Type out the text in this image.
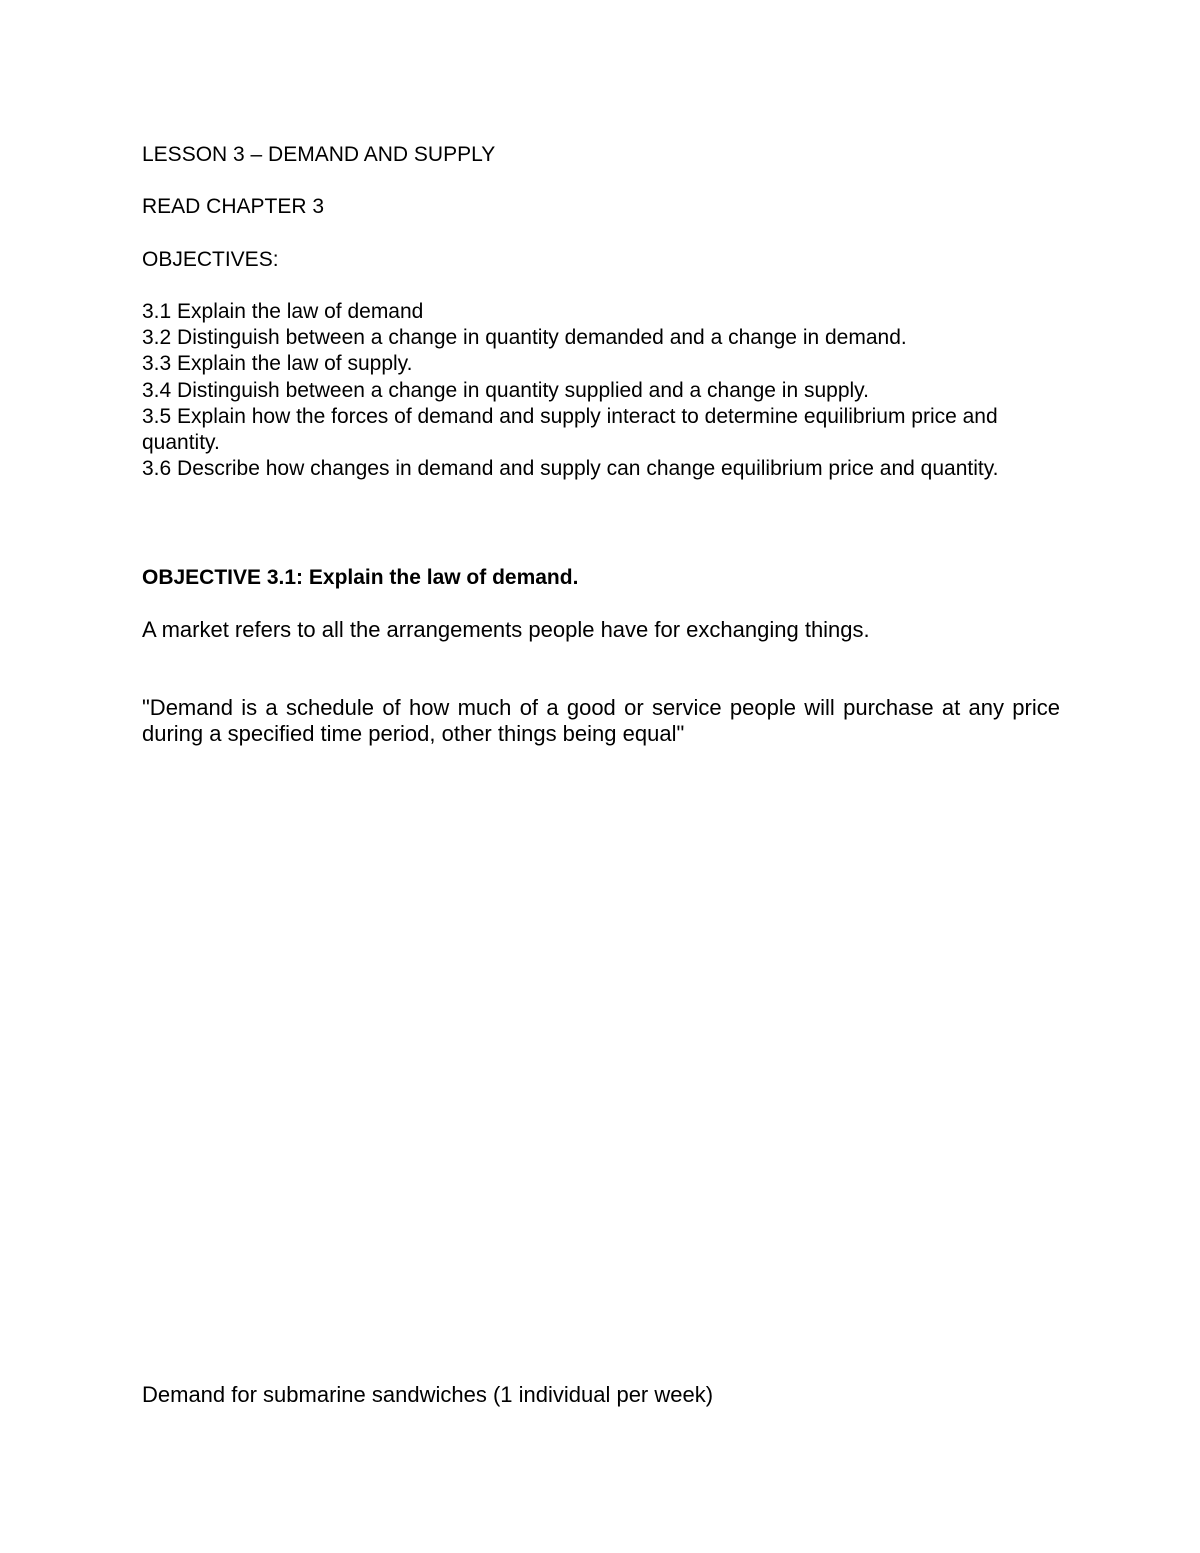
LESSON 3 – DEMAND AND SUPPLY

READ CHAPTER 3

OBJECTIVES:

3.1 Explain the law of demand
3.2 Distinguish between a change in quantity demanded and a change in demand.
3.3 Explain the law of supply.
3.4 Distinguish between a change in quantity supplied and a change in supply.
3.5 Explain how the forces of demand and supply interact to determine equilibrium price and quantity.
3.6 Describe how changes in demand and supply can change equilibrium price and quantity.

OBJECTIVE 3.1: Explain the law of demand.

A market refers to all the arrangements people have for exchanging things.

"Demand is a schedule of how much of a good or service people will purchase at any price during a specified time period, other things being equal"

Demand for submarine sandwiches (1 individual per week)
